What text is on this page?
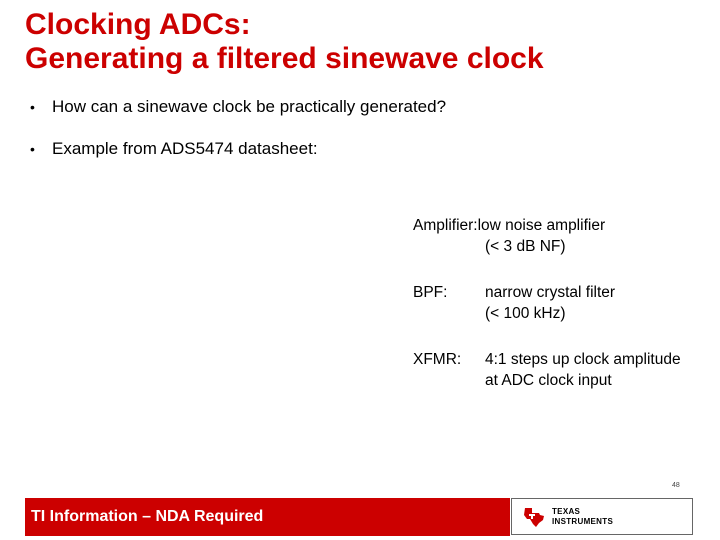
Clocking ADCs:
Generating a filtered sinewave clock
•	How can a sinewave clock be practically generated?
•	Example from ADS5474 datasheet:
Amplifier: low noise amplifier
(< 3 dB NF)
BPF:	narrow crystal filter
(< 100 kHz)
XFMR:	4:1 steps up clock amplitude
at ADC clock input
48
TI Information – NDA Required	TEXAS
INSTRUMENTS
